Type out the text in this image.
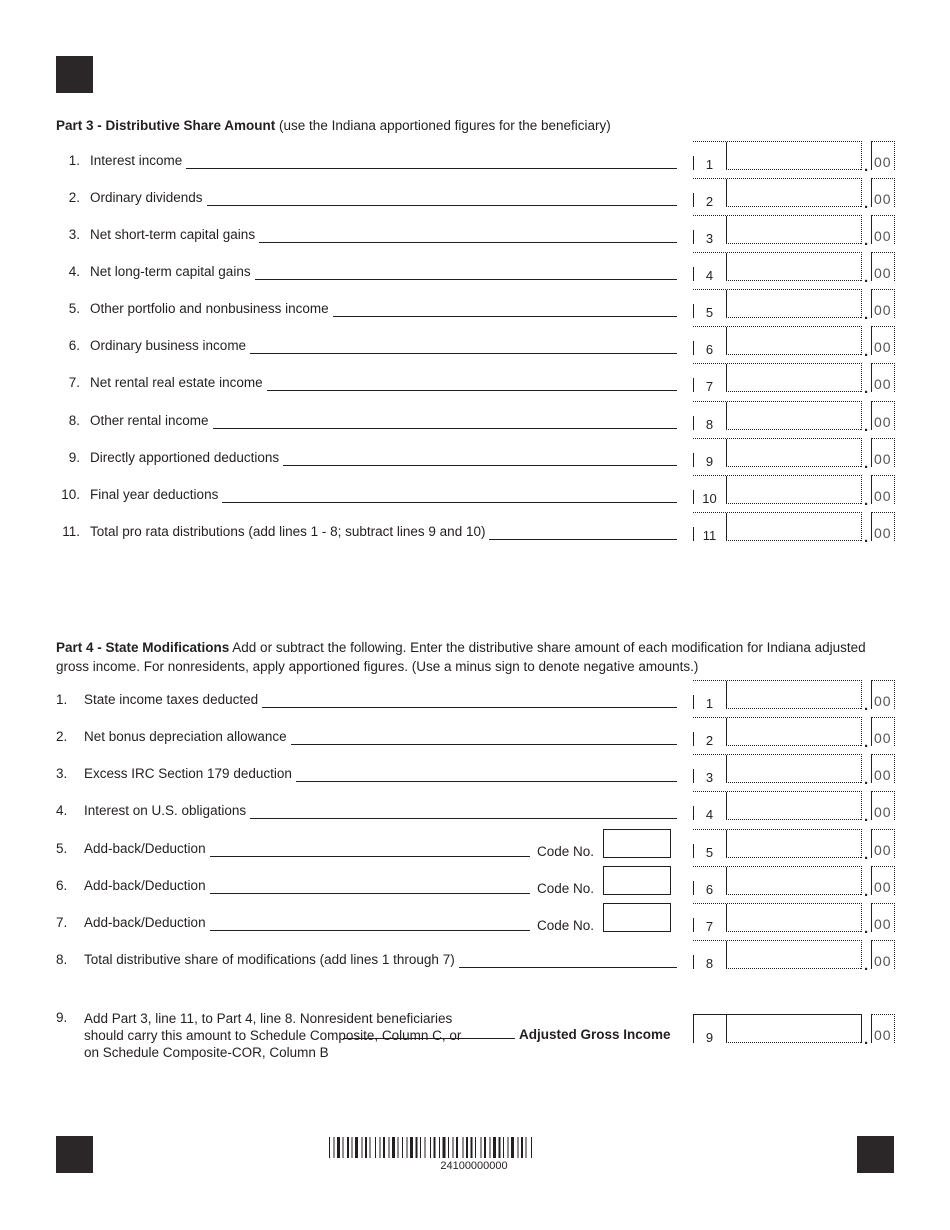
Part 3 - Distributive Share Amount (use the Indiana apportioned figures for the beneficiary)
1. Interest income	1	. 00
2. Ordinary dividends	2	. 00
3. Net short-term capital gains	3	. 00
4. Net long-term capital gains	4	. 00
5. Other portfolio and nonbusiness income	5	. 00
6. Ordinary business income	6	. 00
7. Net rental real estate income	7	. 00
8. Other rental income	8	. 00
9. Directly apportioned deductions	9	. 00
10. Final year deductions	10	. 00
11. Total pro rata distributions (add lines 1 - 8; subtract lines 9 and 10)	11	. 00
Part 4 - State Modifications Add or subtract the following. Enter the distributive share amount of each modification for Indiana adjusted gross income. For nonresidents, apply apportioned figures. (Use a minus sign to denote negative amounts.)
1. State income taxes deducted	1	. 00
2. Net bonus depreciation allowance	2	. 00
3. Excess IRC Section 179 deduction	3	. 00
4. Interest on U.S. obligations	4	. 00
5. Add-back/Deduction	Code No.	5	. 00
6. Add-back/Deduction	Code No.	6	. 00
7. Add-back/Deduction	Code No.	7	. 00
8. Total distributive share of modifications (add lines 1 through 7)	8	. 00
9. Add Part 3, line 11, to Part 4, line 8. Nonresident beneficiaries
should carry this amount to Schedule Composite, Column C, or
on Schedule Composite-COR, Column B
Adjusted Gross Income	9	. 00
24100000000
